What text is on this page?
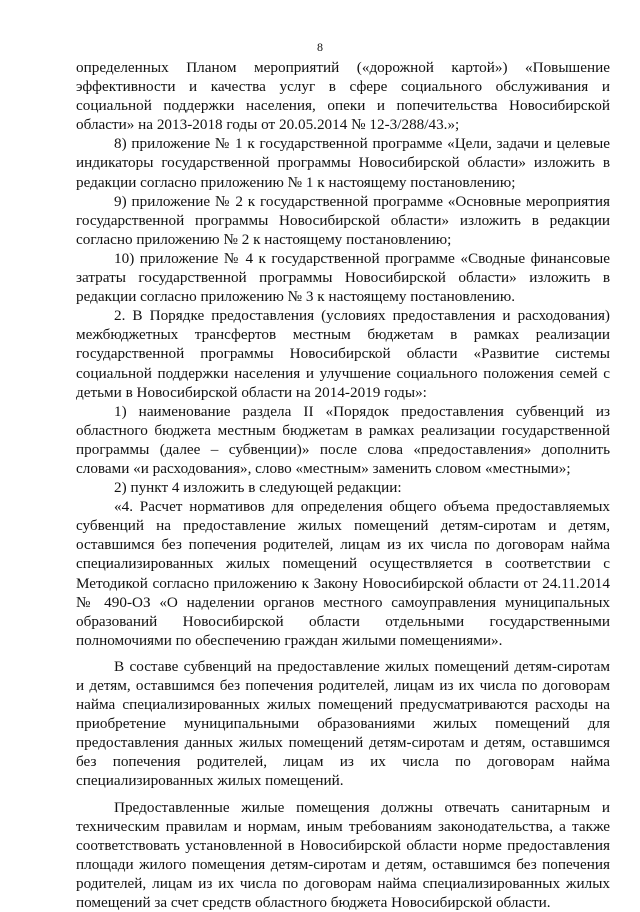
8

определенных Планом мероприятий («дорожной картой») «Повышение эффективности и качества услуг в сфере социального обслуживания и социальной поддержки населения, опеки и попечительства Новосибирской области» на 2013-2018 годы от 20.05.2014 № 12-3/288/43.»;

8) приложение № 1 к государственной программе «Цели, задачи и целевые индикаторы государственной программы Новосибирской области» изложить в редакции согласно приложению № 1 к настоящему постановлению;

9) приложение № 2 к государственной программе «Основные мероприятия государственной программы Новосибирской области» изложить в редакции согласно приложению № 2 к настоящему постановлению;

10) приложение № 4 к государственной программе «Сводные финансовые затраты государственной программы Новосибирской области» изложить в редакции согласно приложению № 3 к настоящему постановлению.

2. В Порядке предоставления (условиях предоставления и расходования) межбюджетных трансфертов местным бюджетам в рамках реализации государственной программы Новосибирской области «Развитие системы социальной поддержки населения и улучшение социального положения семей с детьми в Новосибирской области на 2014-2019 годы»:

1) наименование раздела II «Порядок предоставления субвенций из областного бюджета местным бюджетам в рамках реализации государственной программы (далее – субвенции)» после слова «предоставления» дополнить словами «и расходования», слово «местным» заменить словом «местными»;

2) пункт 4 изложить в следующей редакции:

«4. Расчет нормативов для определения общего объема предоставляемых субвенций на предоставление жилых помещений детям-сиротам и детям, оставшимся без попечения родителей, лицам из их числа по договорам найма специализированных жилых помещений осуществляется в соответствии с Методикой согласно приложению к Закону Новосибирской области от 24.11.2014 № 490-ОЗ «О наделении органов местного самоуправления муниципальных образований Новосибирской области отдельными государственными полномочиями по обеспечению граждан жилыми помещениями».

В составе субвенций на предоставление жилых помещений детям-сиротам и детям, оставшимся без попечения родителей, лицам из их числа по договорам найма специализированных жилых помещений предусматриваются расходы на приобретение муниципальными образованиями жилых помещений для предоставления данных жилых помещений детям-сиротам и детям, оставшимся без попечения родителей, лицам из их числа по договорам найма специализированных жилых помещений.

Предоставленные жилые помещения должны отвечать санитарным и техническим правилам и нормам, иным требованиям законодательства, а также соответствовать установленной в Новосибирской области норме предоставления площади жилого помещения детям-сиротам и детям, оставшимся без попечения родителей, лицам из их числа по договорам найма специализированных жилых помещений за счет средств областного бюджета Новосибирской области.
